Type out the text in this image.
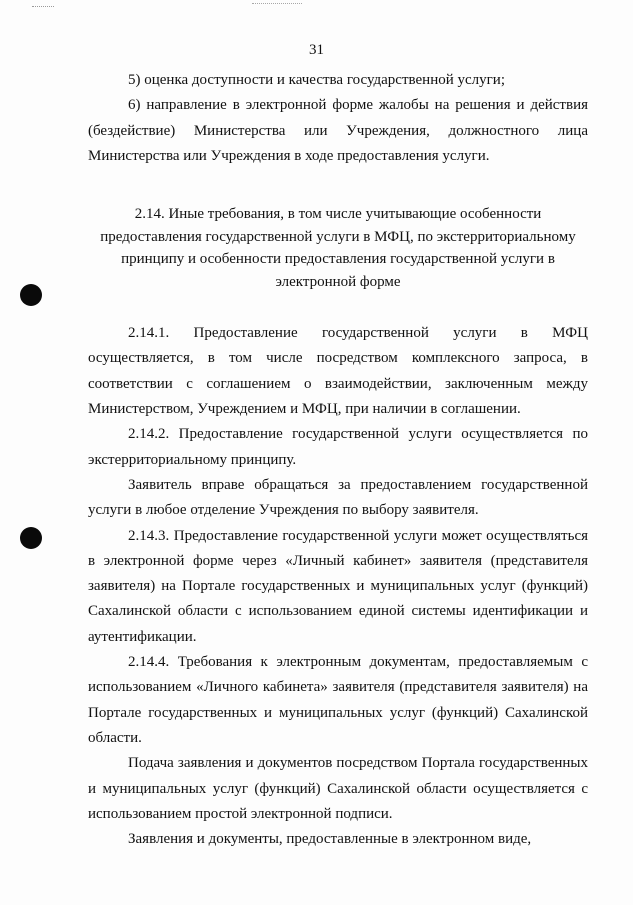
31

5) оценка доступности и качества государственной услуги;

6) направление в электронной форме жалобы на решения и действия (бездействие) Министерства или Учреждения, должностного лица Министерства или Учреждения в ходе предоставления услуги.

2.14. Иные требования, в том числе учитывающие особенности предоставления государственной услуги в МФЦ, по экстерриториальному принципу и особенности предоставления государственной услуги в электронной форме

2.14.1. Предоставление государственной услуги в МФЦ осуществляется, в том числе посредством комплексного запроса, в соответствии с соглашением о взаимодействии, заключенным между Министерством, Учреждением и МФЦ, при наличии в соглашении.

2.14.2. Предоставление государственной услуги осуществляется по экстерриториальному принципу.

Заявитель вправе обращаться за предоставлением государственной услуги в любое отделение Учреждения по выбору заявителя.

2.14.3. Предоставление государственной услуги может осуществляться в электронной форме через «Личный кабинет» заявителя (представителя заявителя) на Портале государственных и муниципальных услуг (функций) Сахалинской области с использованием единой системы идентификации и аутентификации.

2.14.4. Требования к электронным документам, предоставляемым с использованием «Личного кабинета» заявителя (представителя заявителя) на Портале государственных и муниципальных услуг (функций) Сахалинской области.

Подача заявления и документов посредством Портала государственных и муниципальных услуг (функций) Сахалинской области осуществляется с использованием простой электронной подписи.

Заявления и документы, предоставленные в электронном виде,
